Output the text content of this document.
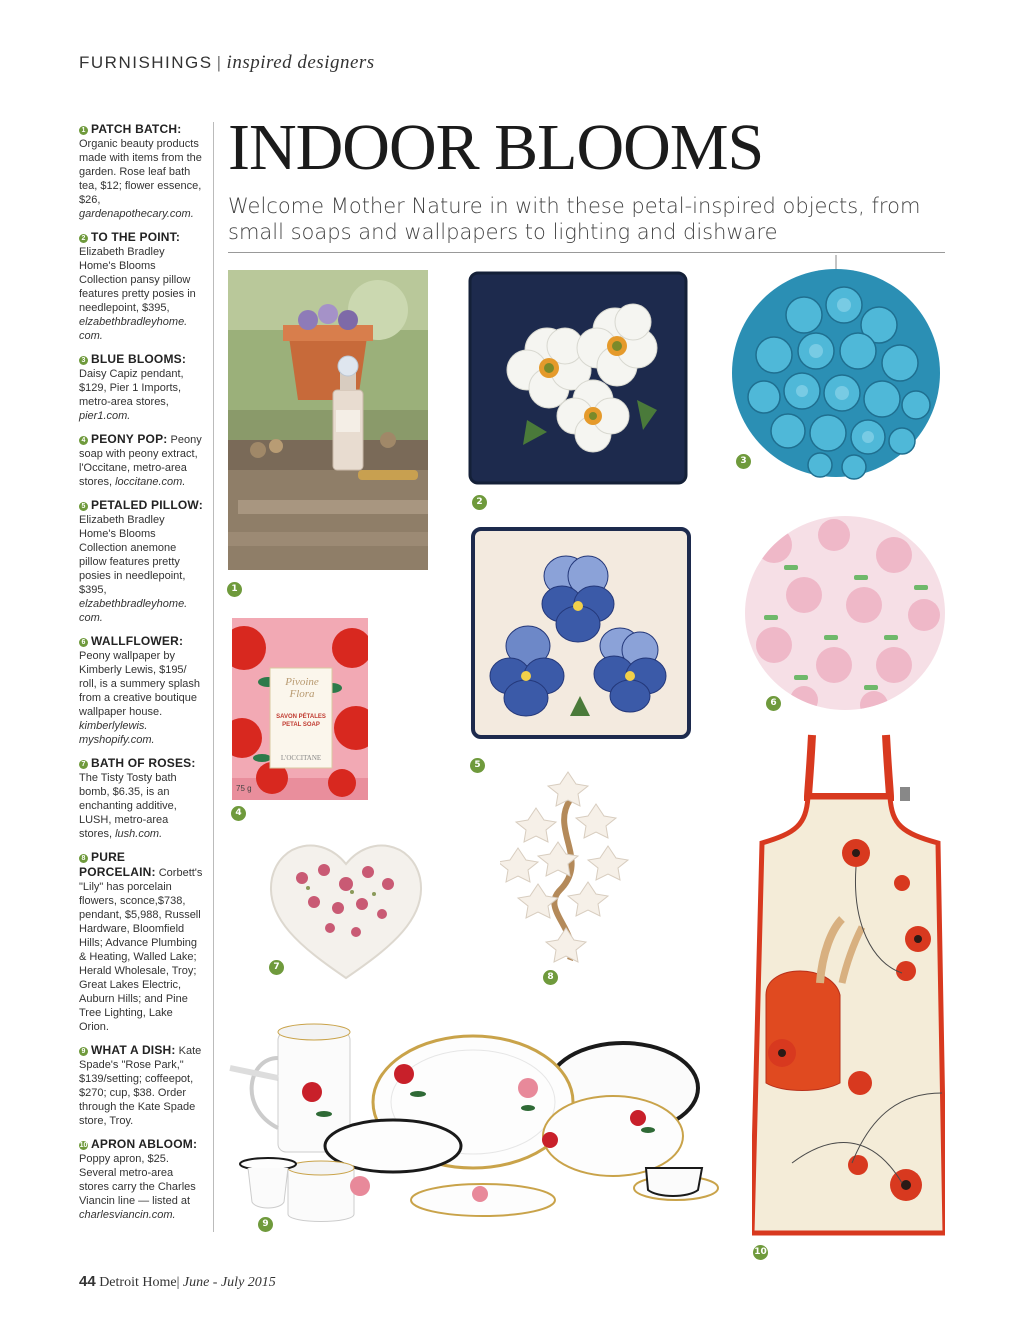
FURNISHINGS | inspired designers
1 PATCH BATCH: Organic beauty products made with items from the garden. Rose leaf bath tea, $12; flower essence, $26, gardenapothecary.com.
2 TO THE POINT: Elizabeth Bradley Home's Blooms Collection pansy pillow features pretty posies in needlepoint, $395, elzabethbradleyhome. com.
3 BLUE BLOOMS: Daisy Capiz pendant, $129, Pier 1 Imports, metro-area stores, pier1.com.
4 PEONY POP: Peony soap with peony extract, l'Occitane, metro-area stores, loccitane.com.
5 PETALED PILLOW: Elizabeth Bradley Home's Blooms Collection anemone pillow features pretty posies in needlepoint, $395, elzabethbradleyhome. com.
6 WALLFLOWER: Peony wallpaper by Kimberly Lewis, $195/ roll, is a summery splash from a creative boutique wallpaper house. kimberlylewis. myshopify.com.
7 BATH OF ROSES: The Tisty Tosty bath bomb, $6.35, is an enchanting additive, LUSH, metro-area stores, lush.com.
8 PURE PORCELAIN: Corbett's "Lily" has porcelain flowers, sconce,$738, pendant, $5,988, Russell Hardware, Bloomfield Hills; Advance Plumbing & Heating, Walled Lake; Herald Wholesale, Troy; Great Lakes Electric, Auburn Hills; and Pine Tree Lighting, Lake Orion.
9 WHAT A DISH: Kate Spade's "Rose Park," $139/setting; coffeepot, $270; cup, $38. Order through the Kate Spade store, Troy.
10 APRON ABLOOM: Poppy apron, $25. Several metro-area stores carry the Charles Viancin line — listed at charlesviancin.com.
INDOOR BLOOMS
Welcome Mother Nature in with these petal-inspired objects, from small soaps and wallpapers to lighting and dishware
1
2
3
Pivoine Flora
SAVON PÉTALES
PETAL SOAP
L'OCCITANE
75 g
4
5
6
7
8
9
10
44 Detroit Home| June - July 2015
